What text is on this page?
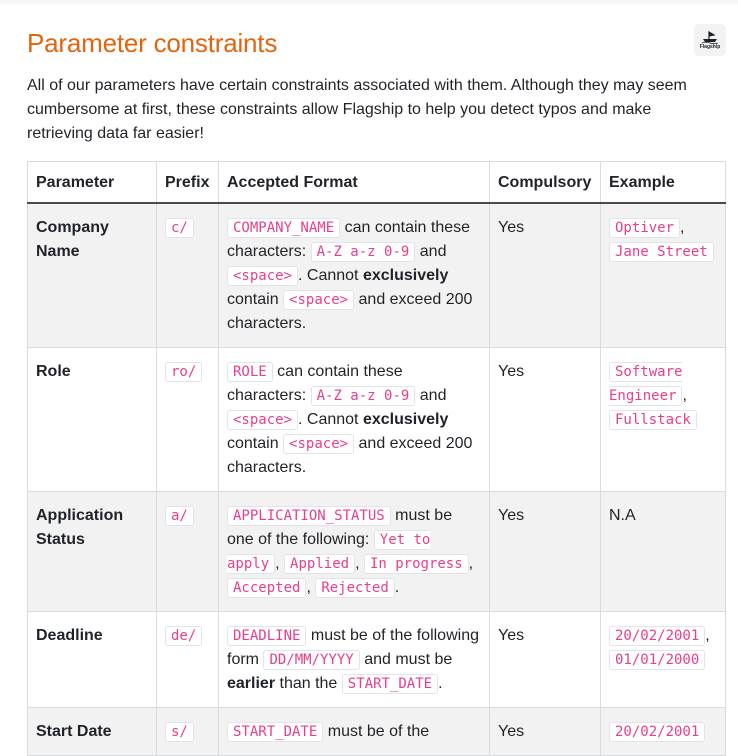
Parameter constraints	Flagship

All of our parameters have certain constraints associated with them. Although they may seem cumbersome at first, these constraints allow Flagship to help you detect typos and make retrieving data far easier!

Parameter	Prefix	Accepted Format	Compulsory	Example
Company Name	c/	COMPANY_NAME can contain these characters: A-Z a-z 0-9 and <space> . Cannot exclusively contain <space> and exceed 200 characters.	Yes	Optiver , Jane Street
Role	ro/	ROLE can contain these characters: A-Z a-z 0-9 and <space> . Cannot exclusively contain <space> and exceed 200 characters.	Yes	Software Engineer , Fullstack
Application Status	a/	APPLICATION_STATUS must be one of the following: Yet to apply , Applied , In progress , Accepted , Rejected .	Yes	N.A
Deadline	de/	DEADLINE must be of the following form DD/MM/YYYY and must be earlier than the START_DATE .	Yes	20/02/2001 , 01/01/2000
Start Date	s/	START_DATE must be of the	Yes	20/02/2001
